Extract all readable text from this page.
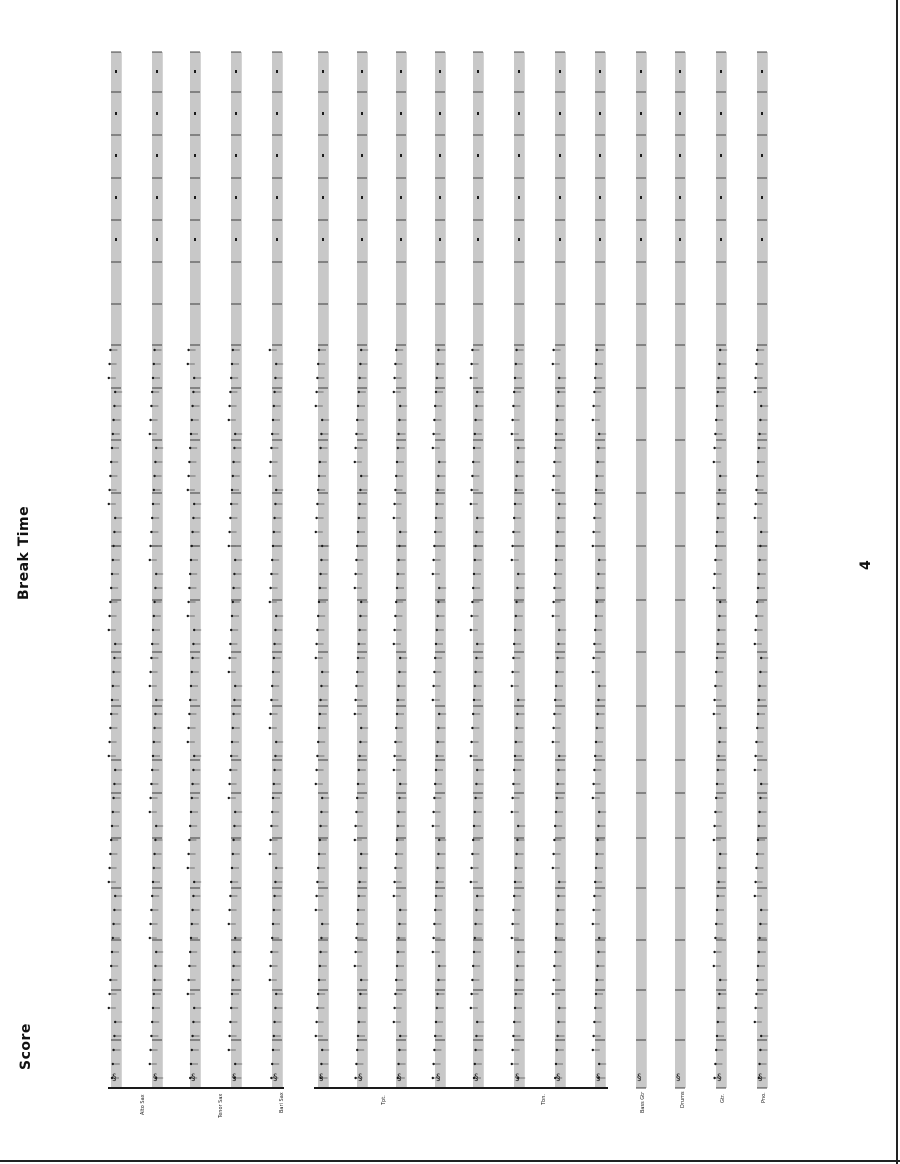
Score
Break Time	4
Alto Sax	Tenor Sax	Bari Sax	Tpt.	Tbn.	Bass Gtr	Drums	Gtr.	Pno.
§	§	§	§	§	§	§	§	§	§	§	§	§	§	§	§	§
